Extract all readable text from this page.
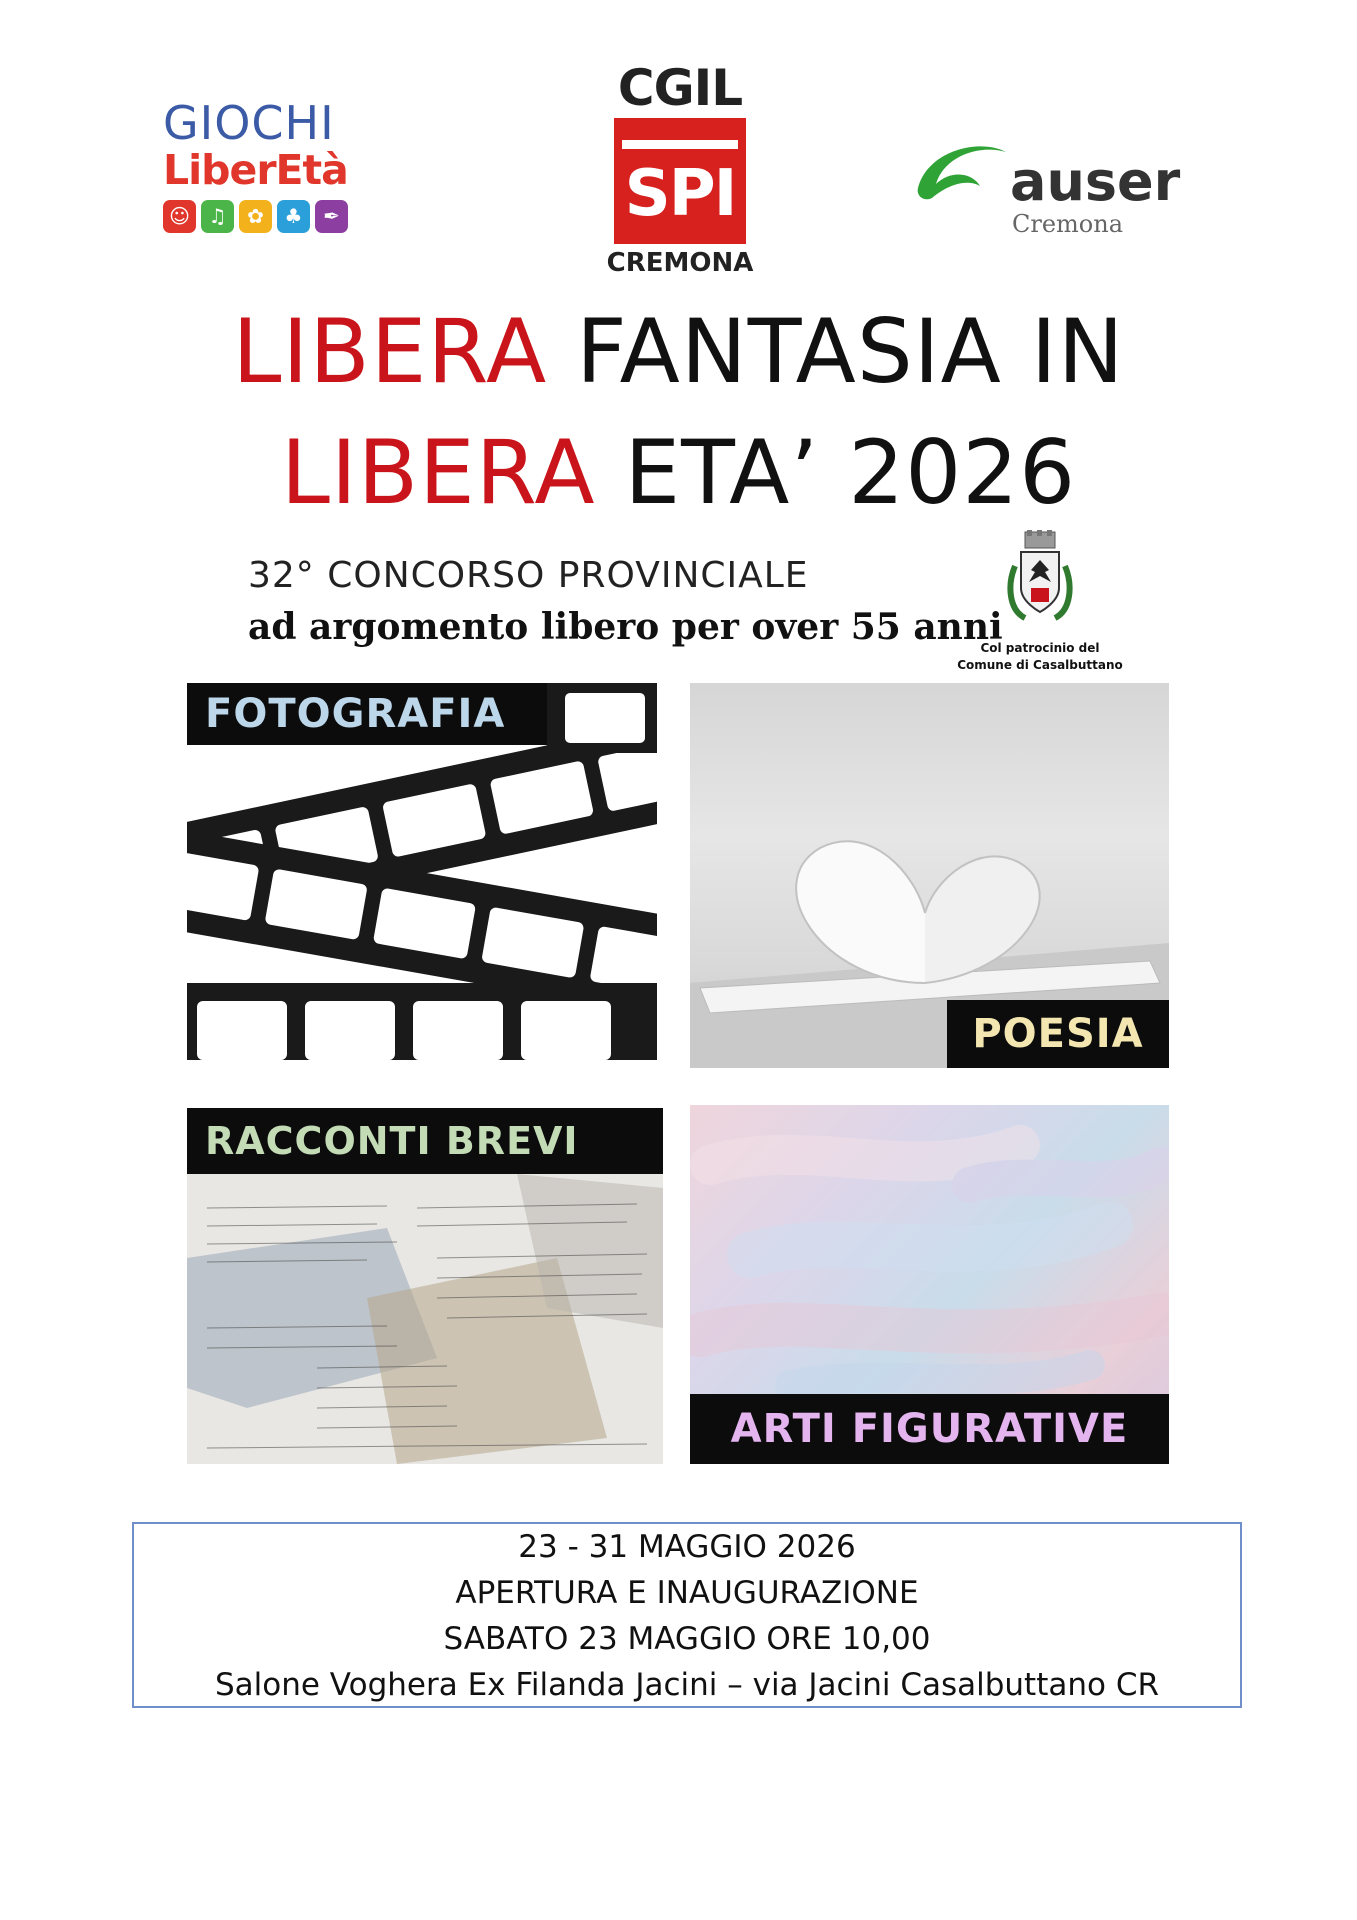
GIOCHI
LiberEtà
☺ ♫	✿	♣	✒
CGIL
SPI
CREMONA
auser
Cremona
LIBERA FANTASIA IN
LIBERA ETA’ 2026
32° CONCORSO PROVINCIALE
ad argomento libero per over 55 anni
Col patrocinio del
Comune di Casalbuttano
FOTOGRAFIA
POESIA
RACCONTI BREVI
ARTI FIGURATIVE
23 - 31 MAGGIO 2026
APERTURA E INAUGURAZIONE
SABATO 23 MAGGIO ORE 10,00
Salone Voghera Ex Filanda Jacini – via Jacini Casalbuttano CR
